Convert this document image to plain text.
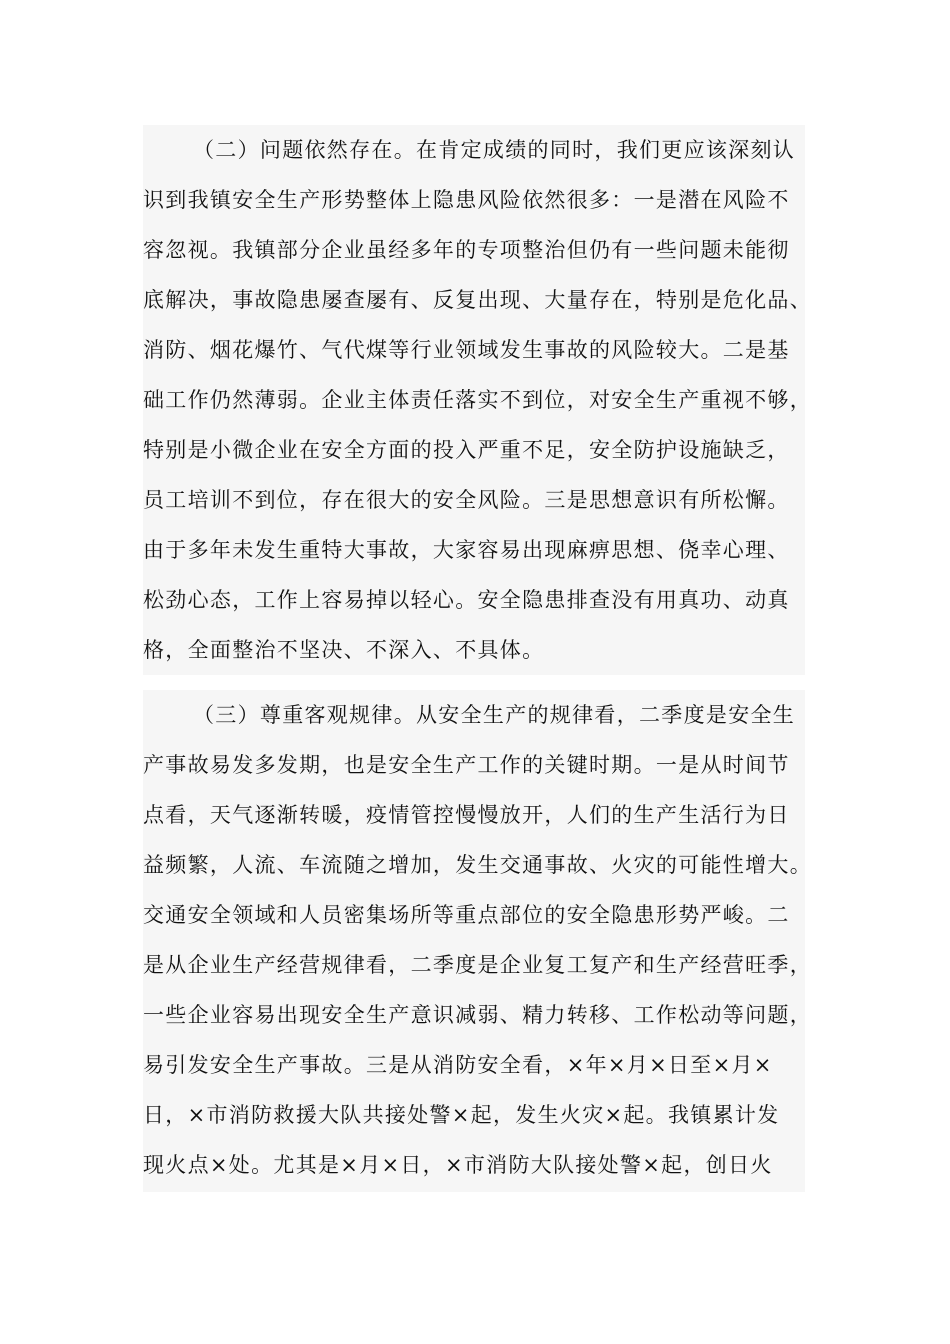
（二）问题依然存在。在肯定成绩的同时，我们更应该深刻认
识到我镇安全生产形势整体上隐患风险依然很多：一是潜在风险不
容忽视。我镇部分企业虽经多年的专项整治但仍有一些问题未能彻
底解决，事故隐患屡查屡有、反复出现、大量存在，特别是危化品、
消防、烟花爆竹、气代煤等行业领域发生事故的风险较大。二是基
础工作仍然薄弱。企业主体责任落实不到位，对安全生产重视不够，
特别是小微企业在安全方面的投入严重不足，安全防护设施缺乏，
员工培训不到位，存在很大的安全风险。三是思想意识有所松懈。
由于多年未发生重特大事故，大家容易出现麻痹思想、侥幸心理、
松劲心态，工作上容易掉以轻心。安全隐患排查没有用真功、动真
格，全面整治不坚决、不深入、不具体。
（三）尊重客观规律。从安全生产的规律看，二季度是安全生
产事故易发多发期，也是安全生产工作的关键时期。一是从时间节
点看，天气逐渐转暖，疫情管控慢慢放开，人们的生产生活行为日
益频繁，人流、车流随之增加，发生交通事故、火灾的可能性增大。
交通安全领域和人员密集场所等重点部位的安全隐患形势严峻。二
是从企业生产经营规律看，二季度是企业复工复产和生产经营旺季，
一些企业容易出现安全生产意识减弱、精力转移、工作松动等问题，
易引发安全生产事故。三是从消防安全看，×年×月×日至×月×
日，×市消防救援大队共接处警×起，发生火灾×起。我镇累计发
现火点×处。尤其是×月×日，×市消防大队接处警×起，创日火
